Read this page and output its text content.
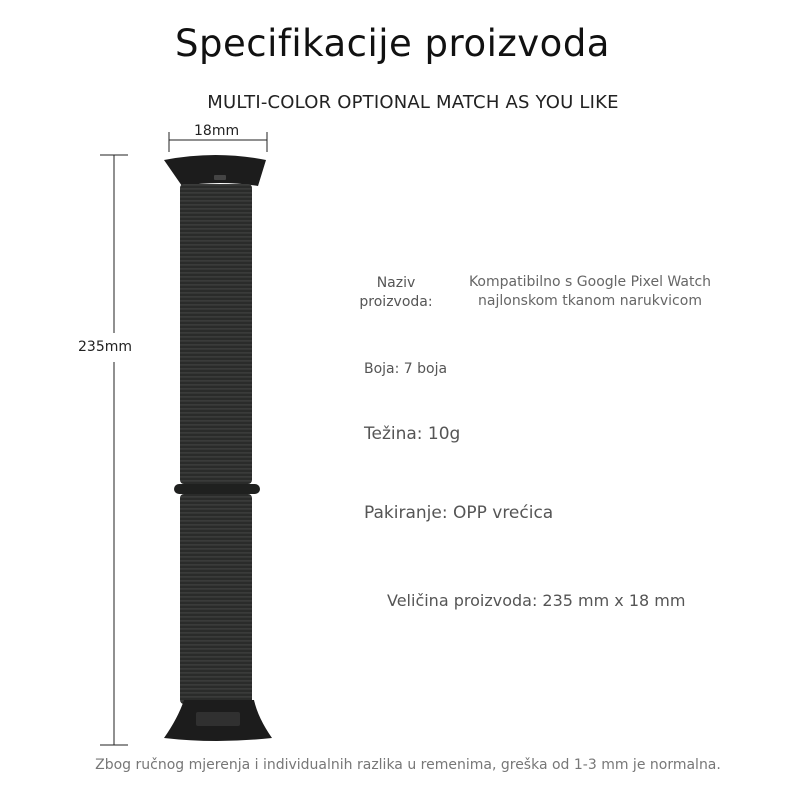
Specifikacije proizvoda
MULTI-COLOR OPTIONAL MATCH AS YOU LIKE
18mm
235mm
Naziv
proizvoda:
Kompatibilno s Google Pixel Watch
najlonskom tkanom narukvicom
Boja: 7 boja
Težina: 10g
Pakiranje: OPP vrećica
Veličina proizvoda: 235 mm x 18 mm
Zbog ručnog mjerenja i individualnih razlika u remenima, greška od 1-3 mm je normalna.
